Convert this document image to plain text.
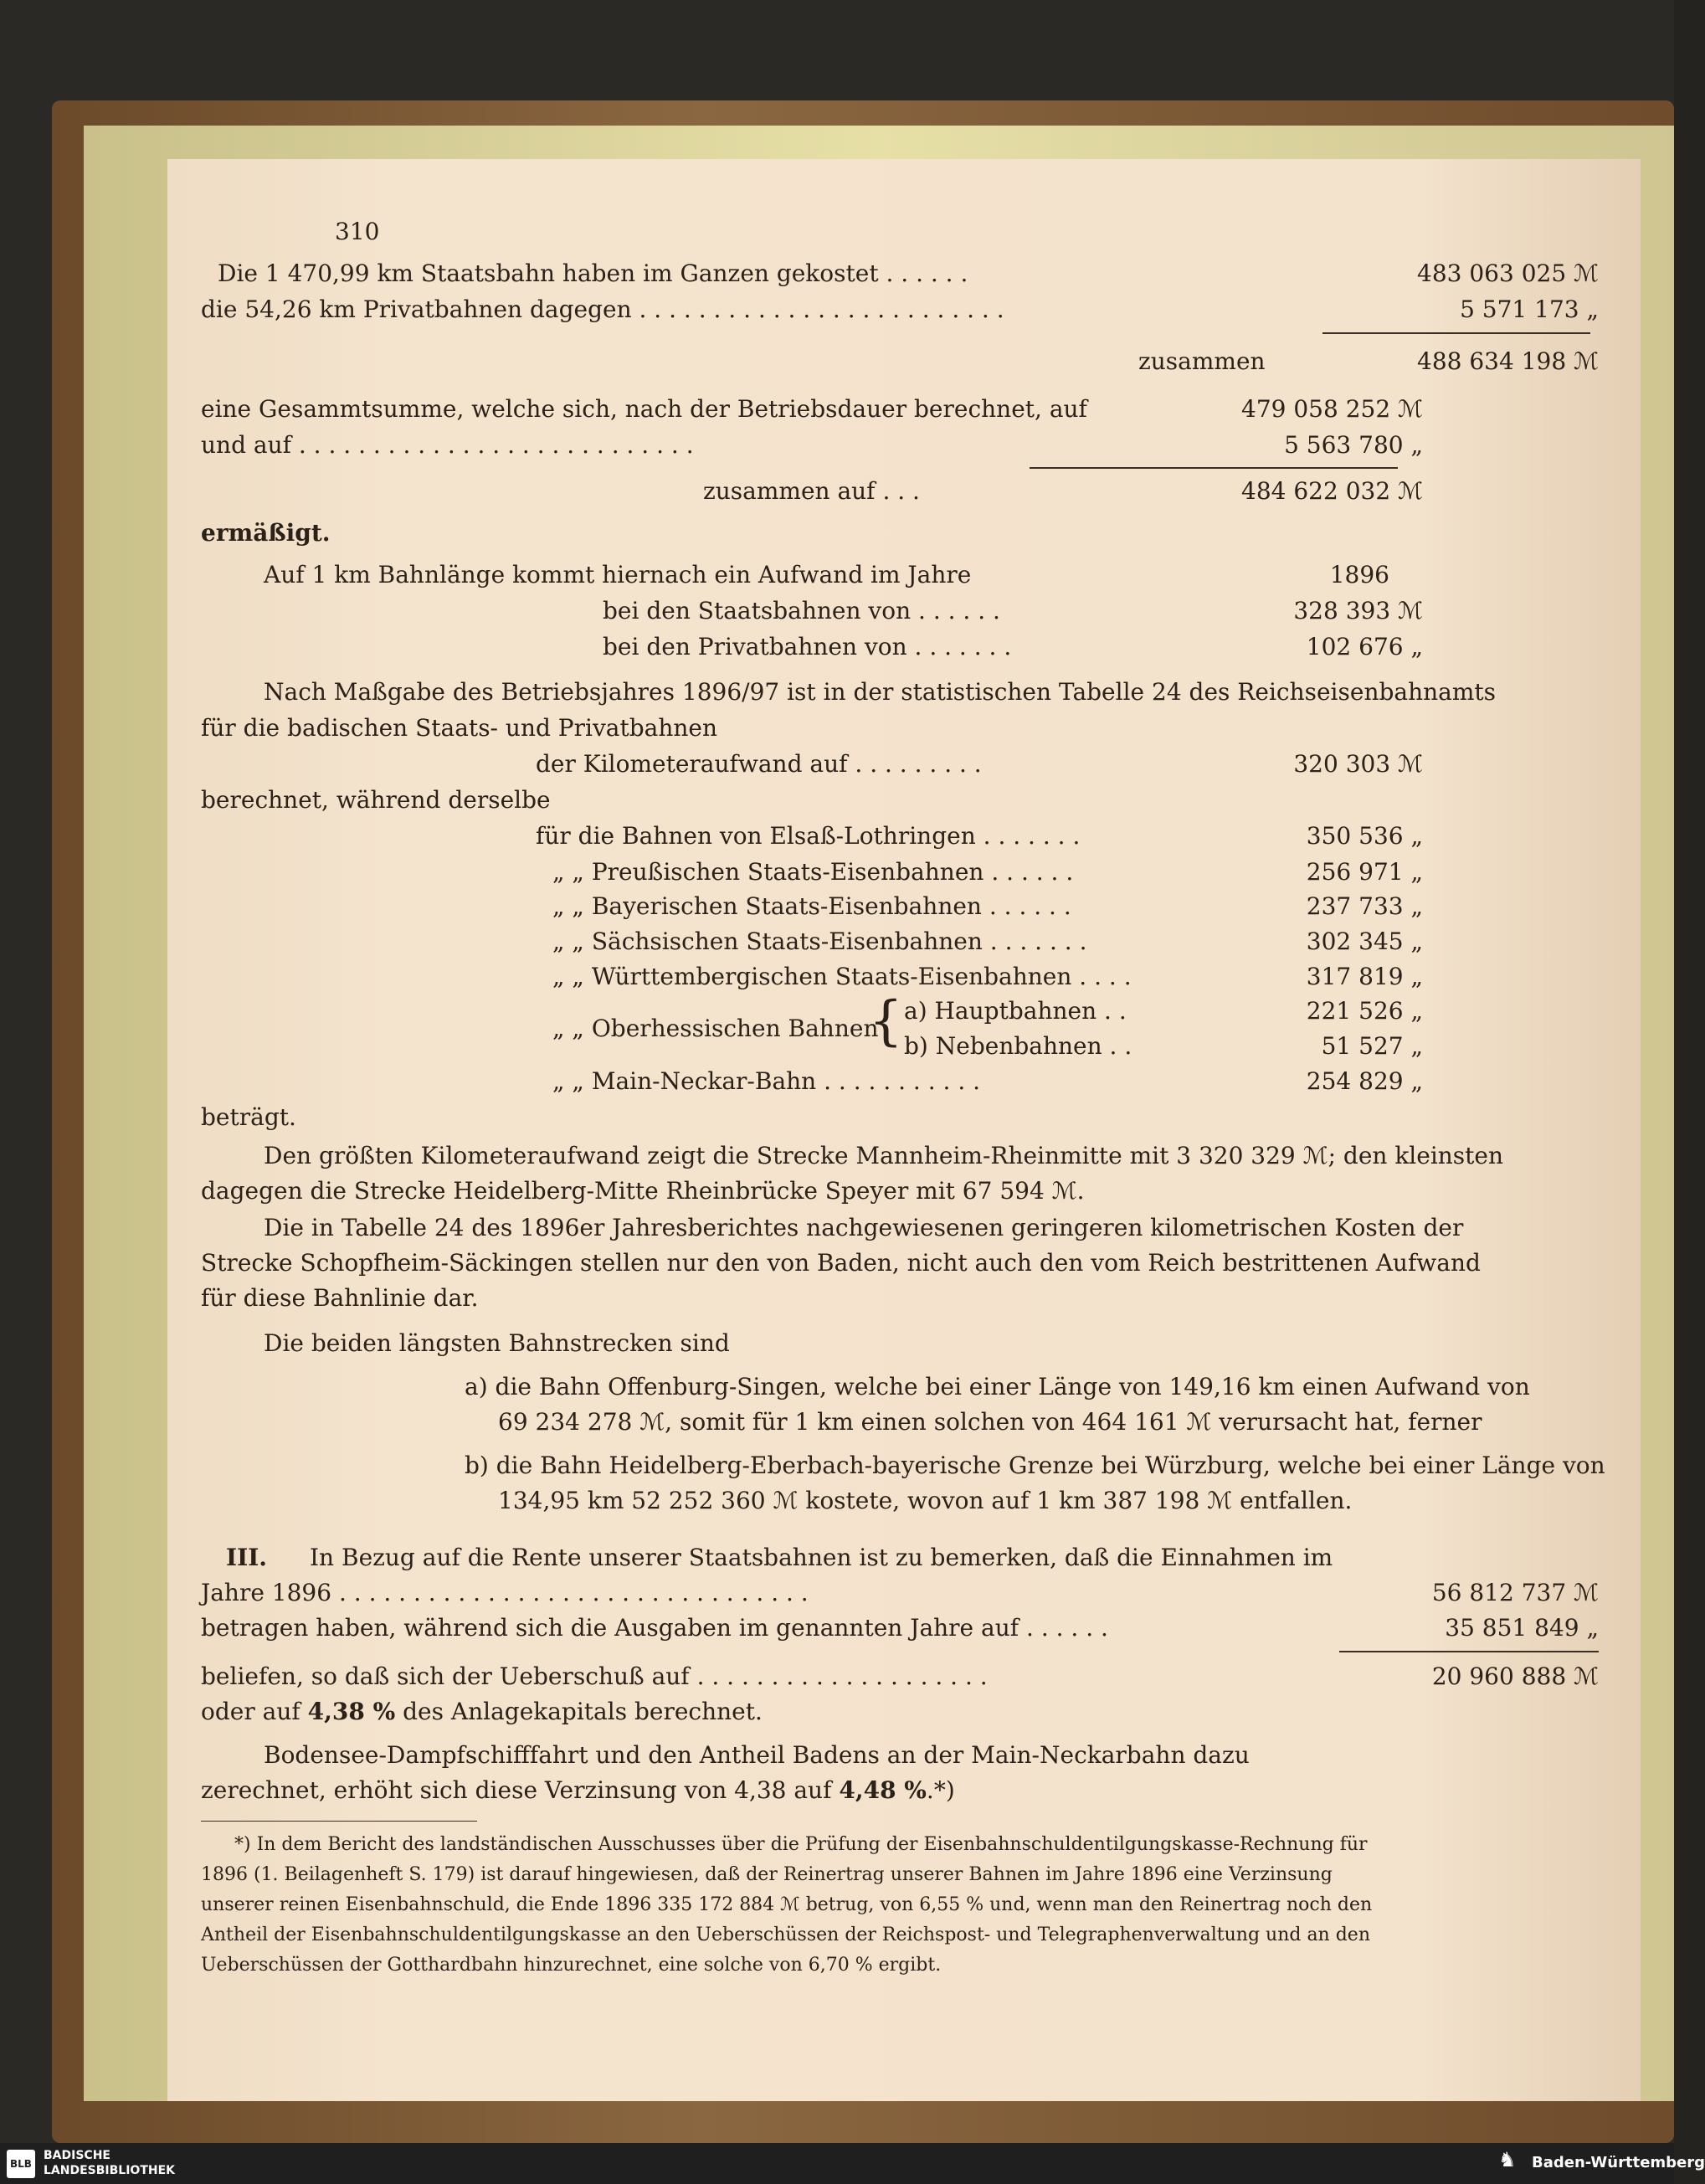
310
Die 1 470,99 km Staatsbahn haben im Ganzen gekostet . . . . . .	483 063 025 ℳ
die 54,26 km Privatbahnen dagegen . . . . . . . . . . . . . . . . . . . . . . . . .	5 571 173 „
zusammen	488 634 198 ℳ
eine Gesammtsumme, welche sich, nach der Betriebsdauer berechnet, auf	479 058 252 ℳ
und auf . . . . . . . . . . . . . . . . . . . . . . . . . . .	5 563 780 „
zusammen auf . . .	484 622 032 ℳ
ermäßigt.
Auf 1 km Bahnlänge kommt hiernach ein Aufwand im Jahre	1896
bei den Staatsbahnen von . . . . . .	328 393 ℳ
bei den Privatbahnen von . . . . . . .	102 676 „
Nach Maßgabe des Betriebsjahres 1896/97 ist in der statistischen Tabelle 24 des Reichseisenbahnamts
für die badischen Staats- und Privatbahnen
der Kilometeraufwand auf . . . . . . . . .	320 303 ℳ
berechnet, während derselbe
für die Bahnen von Elsaß-Lothringen . . . . . . .	350 536 „
„ „ Preußischen Staats-Eisenbahnen . . . . . .	256 971 „
„ „ Bayerischen Staats-Eisenbahnen . . . . . .	237 733 „
„ „ Sächsischen Staats-Eisenbahnen . . . . . . .	302 345 „
„ „ Württembergischen Staats-Eisenbahnen . . . .	317 819 „
„ „ Oberhessischen Bahnen
{ a) Hauptbahnen . .	221 526 „
b) Nebenbahnen . .	51 527 „
„ „ Main-Neckar-Bahn . . . . . . . . . . .	254 829 „
beträgt.
Den größten Kilometeraufwand zeigt die Strecke Mannheim-Rheinmitte mit 3 320 329 ℳ; den kleinsten
dagegen die Strecke Heidelberg-Mitte Rheinbrücke Speyer mit 67 594 ℳ.
Die in Tabelle 24 des 1896er Jahresberichtes nachgewiesenen geringeren kilometrischen Kosten der
Strecke Schopfheim-Säckingen stellen nur den von Baden, nicht auch den vom Reich bestrittenen Aufwand
für diese Bahnlinie dar.
Die beiden längsten Bahnstrecken sind
a) die Bahn Offenburg-Singen, welche bei einer Länge von 149,16 km einen Aufwand von
69 234 278 ℳ, somit für 1 km einen solchen von 464 161 ℳ verursacht hat, ferner
b) die Bahn Heidelberg-Eberbach-bayerische Grenze bei Würzburg, welche bei einer Länge von
134,95 km 52 252 360 ℳ kostete, wovon auf 1 km 387 198 ℳ entfallen.
III. In Bezug auf die Rente unserer Staatsbahnen ist zu bemerken, daß die Einnahmen im
Jahre 1896 . . . . . . . . . . . . . . . . . . . . . . . . . . . . . . . .	56 812 737 ℳ
betragen haben, während sich die Ausgaben im genannten Jahre auf . . . . . .	35 851 849 „
beliefen, so daß sich der Ueberschuß auf . . . . . . . . . . . . . . . . . . . .	20 960 888 ℳ
oder auf 4,38 % des Anlagekapitals berechnet.
Bodensee-Dampfschifffahrt und den Antheil Badens an der Main-Neckarbahn dazu
zerechnet, erhöht sich diese Verzinsung von 4,38 auf 4,48 %.*)
*) In dem Bericht des landständischen Ausschusses über die Prüfung der Eisenbahnschuldentilgungskasse-Rechnung für
1896 (1. Beilagenheft S. 179) ist darauf hingewiesen, daß der Reinertrag unserer Bahnen im Jahre 1896 eine Verzinsung
unserer reinen Eisenbahnschuld, die Ende 1896 335 172 884 ℳ betrug, von 6,55 % und, wenn man den Reinertrag noch den
Antheil der Eisenbahnschuldentilgungskasse an den Ueberschüssen der Reichspost- und Telegraphenverwaltung und an den
Ueberschüssen der Gotthardbahn hinzurechnet, eine solche von 6,70 % ergibt.
BLB
BADISCHE
LANDESBIBLIOTHEK	♞	Baden-Württemberg
